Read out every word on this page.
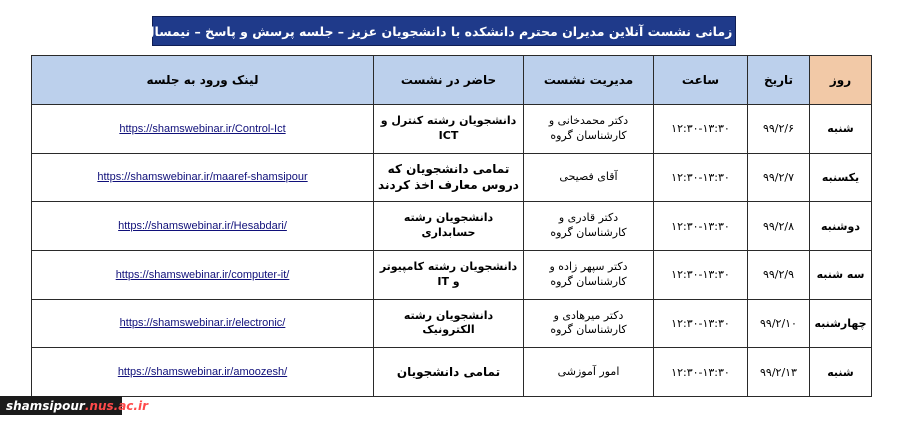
جدول زمانی نشست آنلاین مدیران محترم دانشکده با دانشجویان عزیز – جلسه پرسش و پاسخ – نیمسال ۹۸۲
روز	تاریخ	ساعت	مدیریت نشست	حاضر در نشست	لینک ورود به جلسه
شنبه	۹۹/۲/۶	۱۲:۳۰-۱۳:۳۰	دکتر محمدخانی و
کارشناسان گروه	دانشجویان رشته کنترل و ICT	https://shamswebinar.ir/Control-Ict
یکسنبه	۹۹/۲/۷	۱۲:۳۰-۱۳:۳۰	آقای فصیحی	تمامی دانشجویان که
دروس معارف اخذ کردند	https://shamswebinar.ir/maaref-shamsipour
دوشنبه	۹۹/۲/۸	۱۲:۳۰-۱۳:۳۰	دکتر قادری و
کارشناسان گروه	دانشجویان رشته حسابداری	https://shamswebinar.ir/Hesabdari/
سه شنبه	۹۹/۲/۹	۱۲:۳۰-۱۳:۳۰	دکتر سپهر زاده و
کارشناسان گروه	دانشجویان رشته کامپیوتر و IT	https://shamswebinar.ir/computer-it/
چهارشنبه	۹۹/۲/۱۰	۱۲:۳۰-۱۳:۳۰	دکتر میرهادی و
کارشناسان گروه	دانشجویان رشته الکترونیک	https://shamswebinar.ir/electronic/
شنبه	۹۹/۲/۱۳	۱۲:۳۰-۱۳:۳۰	امور آموزشی	تمامی دانشجویان	https://shamswebinar.ir/amoozesh/
shamsipour .nus.ac.ir
